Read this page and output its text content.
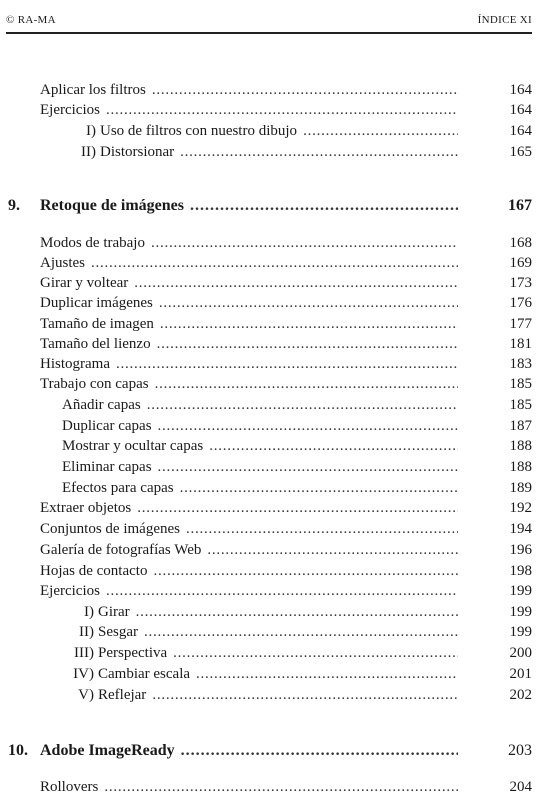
© RA-MA	ÍNDICE XI
Aplicar los filtros . . .	164
Ejercicios . . .	164
I) Uso de filtros con nuestro dibujo . . .	164
II) Distorsionar . . .	165
9. Retoque de imágenes . . .	167
Modos de trabajo . . .	168
Ajustes . . .	169
Girar y voltear . . .	173
Duplicar imágenes . . .	176
Tamaño de imagen . . .	177
Tamaño del lienzo . . .	181
Histograma . . .	183
Trabajo con capas . . .	185
Añadir capas . . .	185
Duplicar capas . . .	187
Mostrar y ocultar capas . . .	188
Eliminar capas . . .	188
Efectos para capas . . .	189
Extraer objetos . . .	192
Conjuntos de imágenes . . .	194
Galería de fotografías Web . . .	196
Hojas de contacto . . .	198
Ejercicios . . .	199
I) Girar . . .	199
II) Sesgar . . .	199
III) Perspectiva . . .	200
IV) Cambiar escala . . .	201
V) Reflejar . . .	202
10. Adobe ImageReady . . .	203
Rollovers . . .	204
